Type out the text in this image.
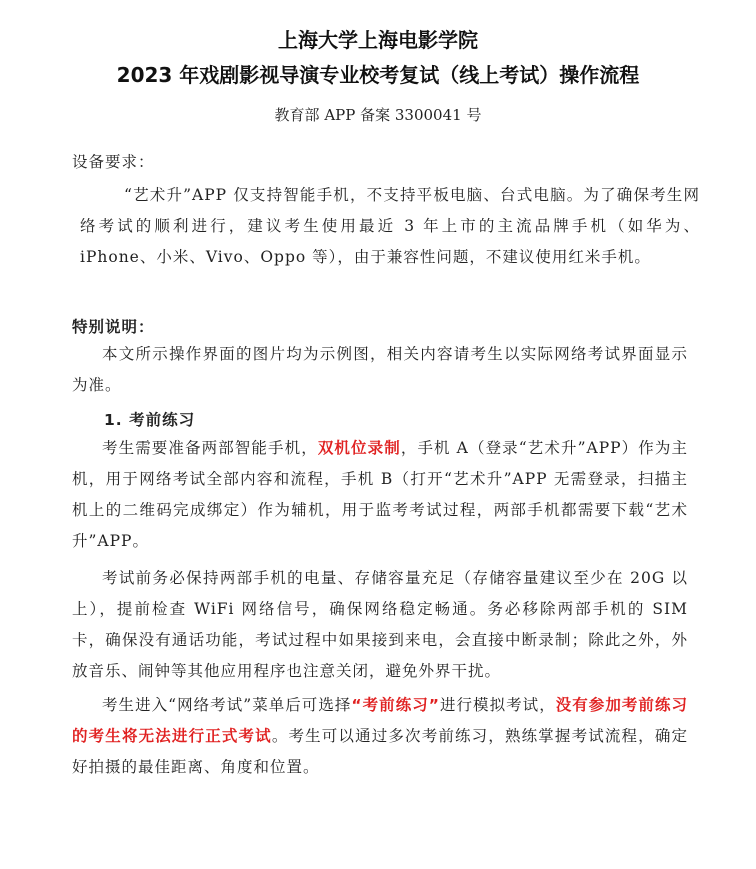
上海大学上海电影学院
2023 年戏剧影视导演专业校考复试（线上考试）操作流程
教育部 APP 备案 3300041 号
设备要求：
“艺术升”APP 仅支持智能手机，不支持平板电脑、台式电脑。为了确保考生网络考试的顺利进行，建议考生使用最近 3 年上市的主流品牌手机（如华为、iPhone、小米、Vivo、Oppo 等），由于兼容性问题，不建议使用红米手机。
特别说明：
本文所示操作界面的图片均为示例图，相关内容请考生以实际网络考试界面显示为准。
1. 考前练习
考生需要准备两部智能手机，双机位录制，手机 A（登录“艺术升”APP）作为主机，用于网络考试全部内容和流程，手机 B（打开“艺术升”APP 无需登录，扫描主机上的二维码完成绑定）作为辅机，用于监考考试过程，两部手机都需要下载“艺术升”APP。
考试前务必保持两部手机的电量、存储容量充足（存储容量建议至少在 20G 以上），提前检查 WiFi 网络信号，确保网络稳定畅通。务必移除两部手机的 SIM 卡，确保没有通话功能，考试过程中如果接到来电，会直接中断录制；除此之外，外放音乐、闹钟等其他应用程序也注意关闭，避免外界干扰。
考生进入“网络考试”菜单后可选择“考前练习”进行模拟考试，没有参加考前练习的考生将无法进行正式考试。考生可以通过多次考前练习，熟练掌握考试流程，确定好拍摄的最佳距离、角度和位置。
